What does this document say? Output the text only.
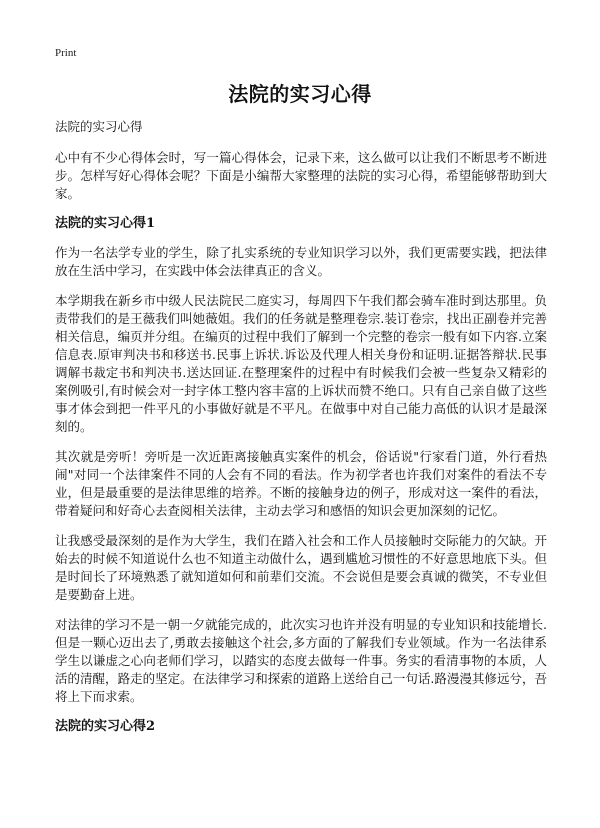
Print
法院的实习心得
法院的实习心得

心中有不少心得体会时，写一篇心得体会，记录下来，这么做可以让我们不断思考不断进步。怎样写好心得体会呢？下面是小编帮大家整理的法院的实习心得，希望能够帮助到大家。

法院的实习心得1

作为一名法学专业的学生，除了扎实系统的专业知识学习以外，我们更需要实践，把法律放在生活中学习，在实践中体会法律真正的含义。

本学期我在新乡市中级人民法院民二庭实习，每周四下午我们都会骑车准时到达那里。负责带我们的是王薇我们叫她薇姐。我们的任务就是整理卷宗.装订卷宗，找出正副卷并完善相关信息，编页并分组。在编页的过程中我们了解到一个完整的卷宗一般有如下内容.立案信息表.原审判决书和移送书.民事上诉状.诉讼及代理人相关身份和证明.证据答辩状.民事调解书裁定书和判决书.送达回证.在整理案件的过程中有时候我们会被一些复杂又精彩的案例吸引,有时候会对一封字体工整内容丰富的上诉状而赞不绝口。只有自己亲自做了这些事才体会到把一件平凡的小事做好就是不平凡。在做事中对自己能力高低的认识才是最深刻的。

其次就是旁听！旁听是一次近距离接触真实案件的机会，俗话说"行家看门道，外行看热闹"对同一个法律案件不同的人会有不同的看法。作为初学者也许我们对案件的看法不专业，但是最重要的是法律思维的培养。不断的接触身边的例子，形成对这一案件的看法，带着疑问和好奇心去查阅相关法律，主动去学习和感悟的知识会更加深刻的记忆。

让我感受最深刻的是作为大学生，我们在踏入社会和工作人员接触时交际能力的欠缺。开始去的时候不知道说什么也不知道主动做什么，遇到尴尬习惯性的不好意思地底下头。但是时间长了环境熟悉了就知道如何和前辈们交流。不会说但是要会真诚的微笑，不专业但是要勤奋上进。

对法律的学习不是一朝一夕就能完成的，此次实习也许并没有明显的专业知识和技能增长.但是一颗心迈出去了,勇敢去接触这个社会,多方面的了解我们专业领域。作为一名法律系学生以谦虚之心向老师们学习，以踏实的态度去做每一件事。务实的看清事物的本质，人活的清醒，路走的坚定。在法律学习和探索的道路上送给自己一句话.路漫漫其修远兮，吾将上下而求索。

法院的实习心得2
